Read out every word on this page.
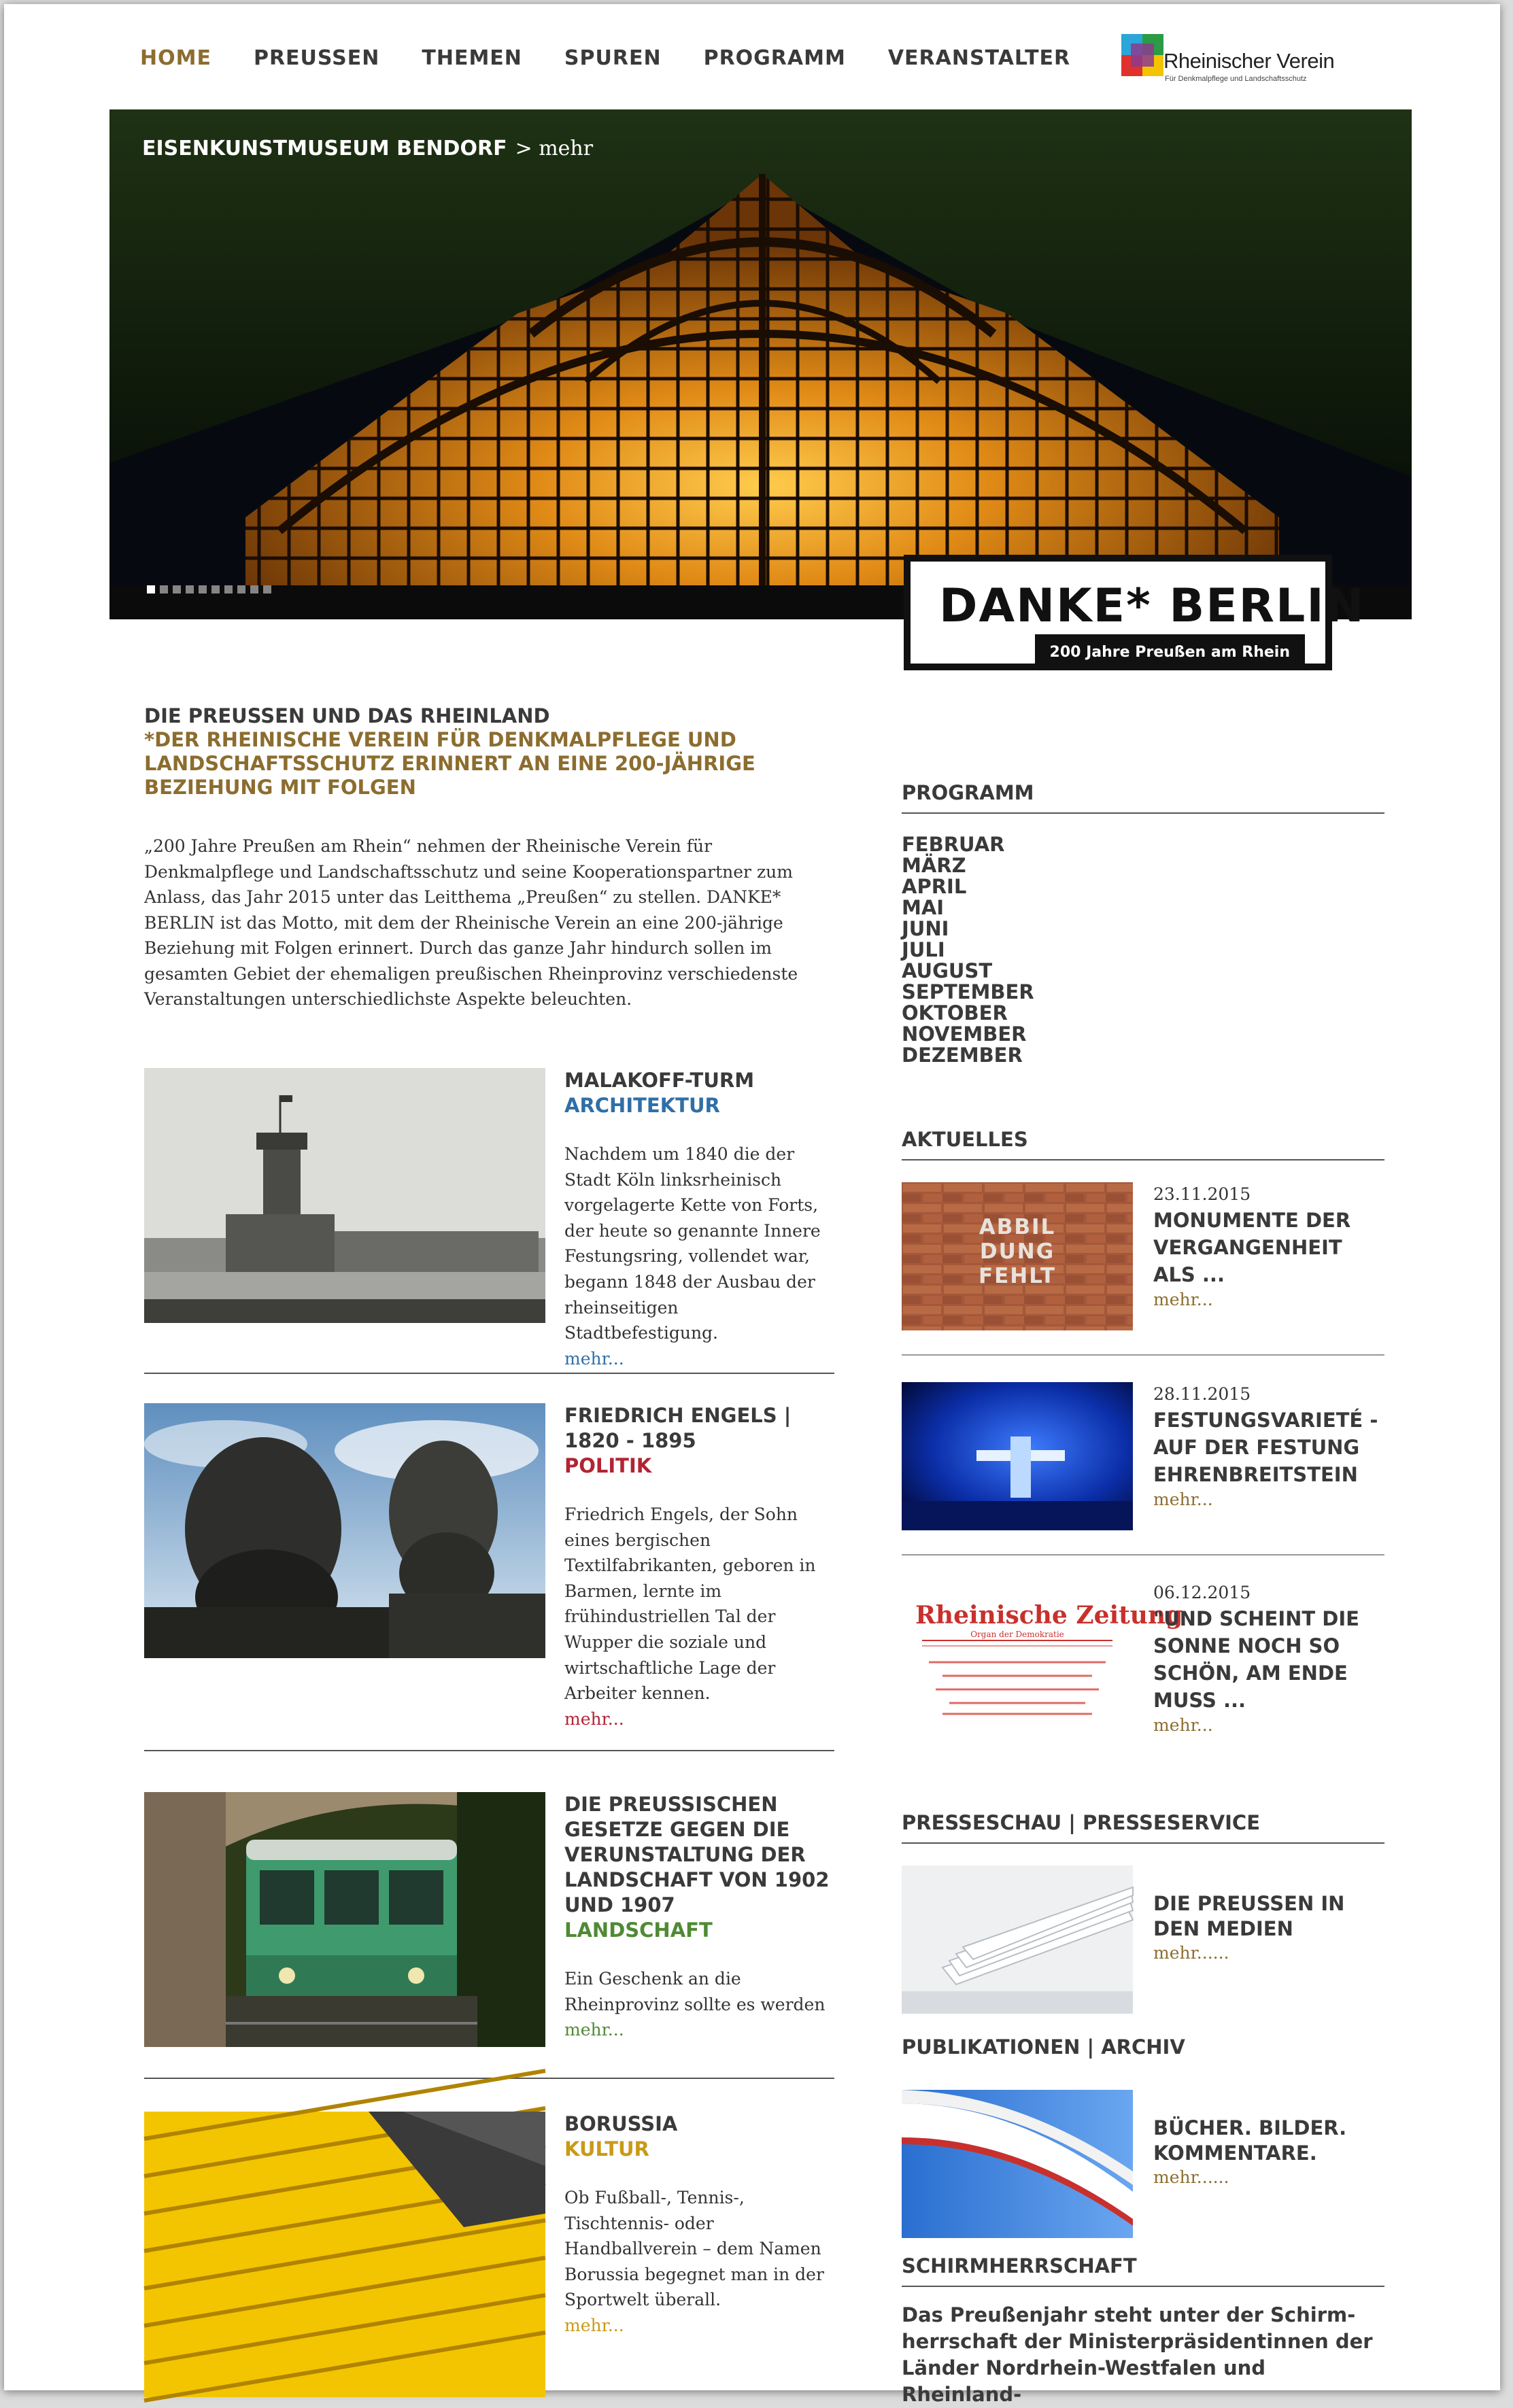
HOME PREUSSEN THEMEN SPUREN PROGRAMM VERANSTALTER	Rheinischer Verein
Für Denkmalpflege und Landschaftsschutz
EISENKUNSTMUSEUM BENDORF > mehr
DANKE* BERLIN
200 Jahre Preußen am Rhein
DIE PREUSSEN UND DAS RHEINLAND
*DER RHEINISCHE VEREIN FÜR DENKMALPFLEGE UND LANDSCHAFTSSCHUTZ ERINNERT AN EINE 200-JÄHRIGE BEZIEHUNG MIT FOLGEN

„200 Jahre Preußen am Rhein“ nehmen der Rheinische Verein für Denkmalpflege und Landschaftsschutz und seine Kooperationspartner zum Anlass, das Jahr 2015 unter das Leitthema „Preußen“ zu stellen. DANKE* BERLIN ist das Motto, mit dem der Rheinische Verein an eine 200-jährige Beziehung mit Folgen erinnert. Durch das ganze Jahr hindurch sollen im gesamten Gebiet der ehemaligen preußischen Rheinprovinz verschiedenste Veranstaltungen unterschiedlichste Aspekte beleuchten.

MALAKOFF-TURM
ARCHITEKTUR
Nachdem um 1840 die der Stadt Köln linksrheinisch vorgelagerte Kette von Forts, der heute so genannte Innere Festungsring, vollendet war, begann 1848 der Ausbau der rheinseitigen Stadtbefestigung.
mehr...
FRIEDRICH ENGELS | 1820 - 1895
POLITIK
Friedrich Engels, der Sohn eines bergischen Textilfabrikanten, geboren in Barmen, lernte im frühindustriellen Tal der Wupper die soziale und wirtschaftliche Lage der Arbeiter kennen.
mehr...
DIE PREUSSISCHEN GESETZE GEGEN DIE VERUNSTALTUNG DER LANDSCHAFT VON 1902 UND 1907
LANDSCHAFT
Ein Geschenk an die Rheinprovinz sollte es werden
mehr...
BORUSSIA
KULTUR
Ob Fußball-, Tennis-, Tischtennis- oder Handballverein – dem Namen Borussia begegnet man in der Sportwelt überall.
mehr...
PROGRAMM
FEBRUAR
MÄRZ
APRIL
MAI
JUNI
JULI
AUGUST
SEPTEMBER
OKTOBER
NOVEMBER
DEZEMBER
AKTUELLES
ABBIL DUNG FEHLT
23.11.2015
MONUMENTE DER VERGANGENHEIT ALS ...
mehr...
28.11.2015
FESTUNGSVARIETÉ - AUF DER FESTUNG EHRENBREITSTEIN
mehr...
Rheinische Zeitung
Organ der Demokratie
06.12.2015
"UND SCHEINT DIE SONNE NOCH SO SCHÖN, AM ENDE MUSS ...
mehr...
PRESSESCHAU | PRESSESERVICE
DIE PREUSSEN IN DEN MEDIEN
mehr......
PUBLIKATIONEN | ARCHIV
BÜCHER. BILDER. KOMMENTARE.
mehr......
SCHIRMHERRSCHAFT
Das Preußenjahr steht unter der Schirm-herrschaft der Ministerpräsidentinnen der Länder Nordrhein-Westfalen und Rheinland-
